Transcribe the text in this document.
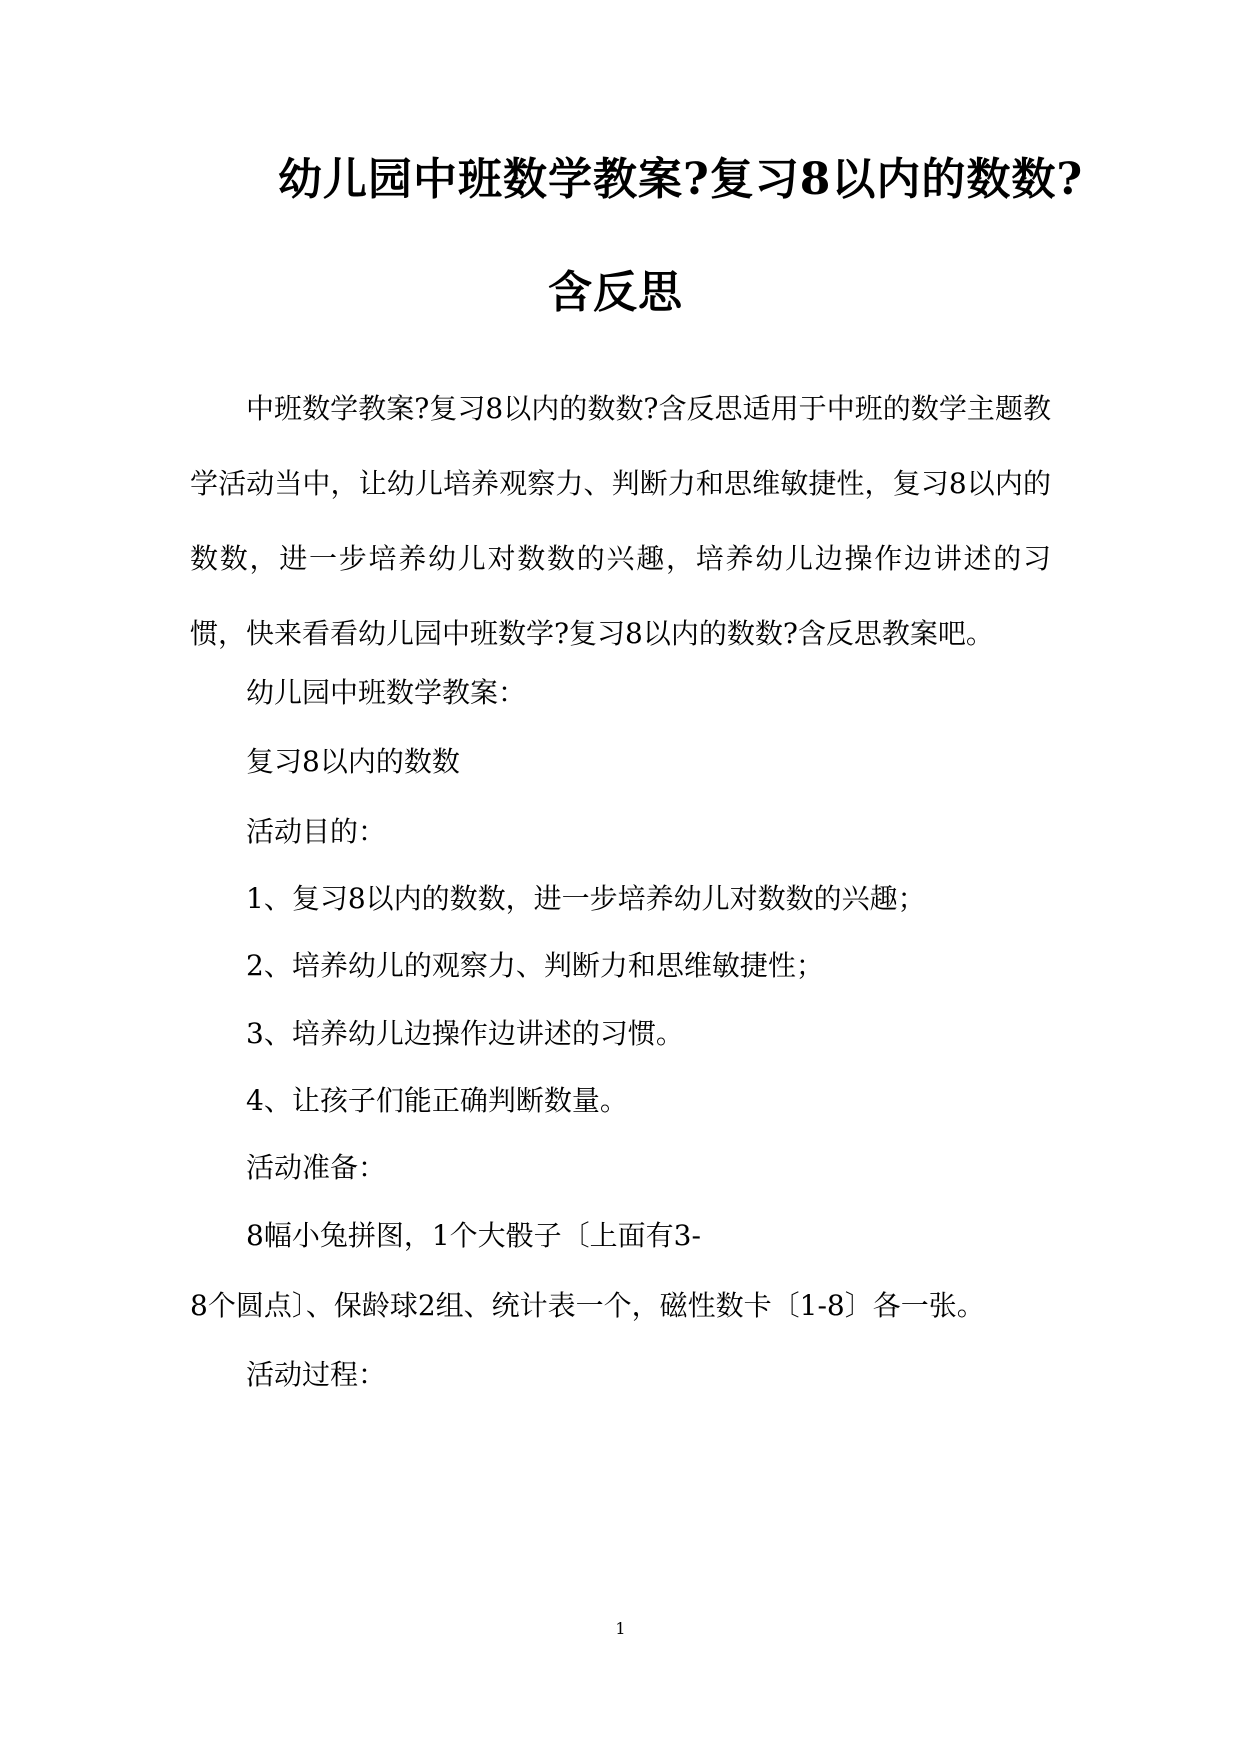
幼儿园中班数学教案?复习8以内的数数?
含反思

中班数学教案?复习8以内的数数?含反思适用于中班的数学主题教学活动当中，让幼儿培养观察力、判断力和思维敏捷性，复习8以内的数数，进一步培养幼儿对数数的兴趣，培养幼儿边操作边讲述的习惯，快来看看幼儿园中班数学?复习8以内的数数?含反思教案吧。

幼儿园中班数学教案：

复习8以内的数数

活动目的：

1、复习8以内的数数，进一步培养幼儿对数数的兴趣；

2、培养幼儿的观察力、判断力和思维敏捷性；

3、培养幼儿边操作边讲述的习惯。

4、让孩子们能正确判断数量。

活动准备：

8幅小兔拼图，1个大骰子〔上面有3-

8个圆点〕、保龄球2组、统计表一个，磁性数卡〔1-8〕各一张。

活动过程：

1
